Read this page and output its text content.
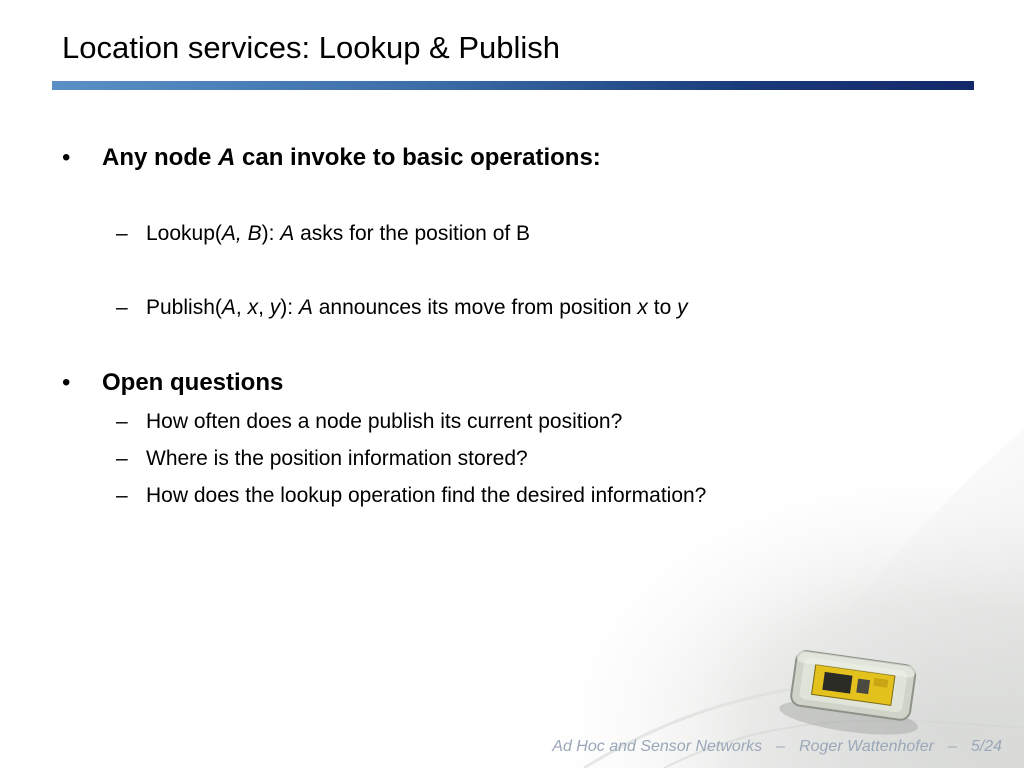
Location services: Lookup & Publish
• Any node A can invoke to basic operations:
– Lookup(A, B): A asks for the position of B
– Publish(A, x, y): A announces its move from position x to y
• Open questions
– How often does a node publish its current position?
– Where is the position information stored?
– How does the lookup operation find the desired information?
Ad Hoc and Sensor Networks – Roger Wattenhofer – 5/24
